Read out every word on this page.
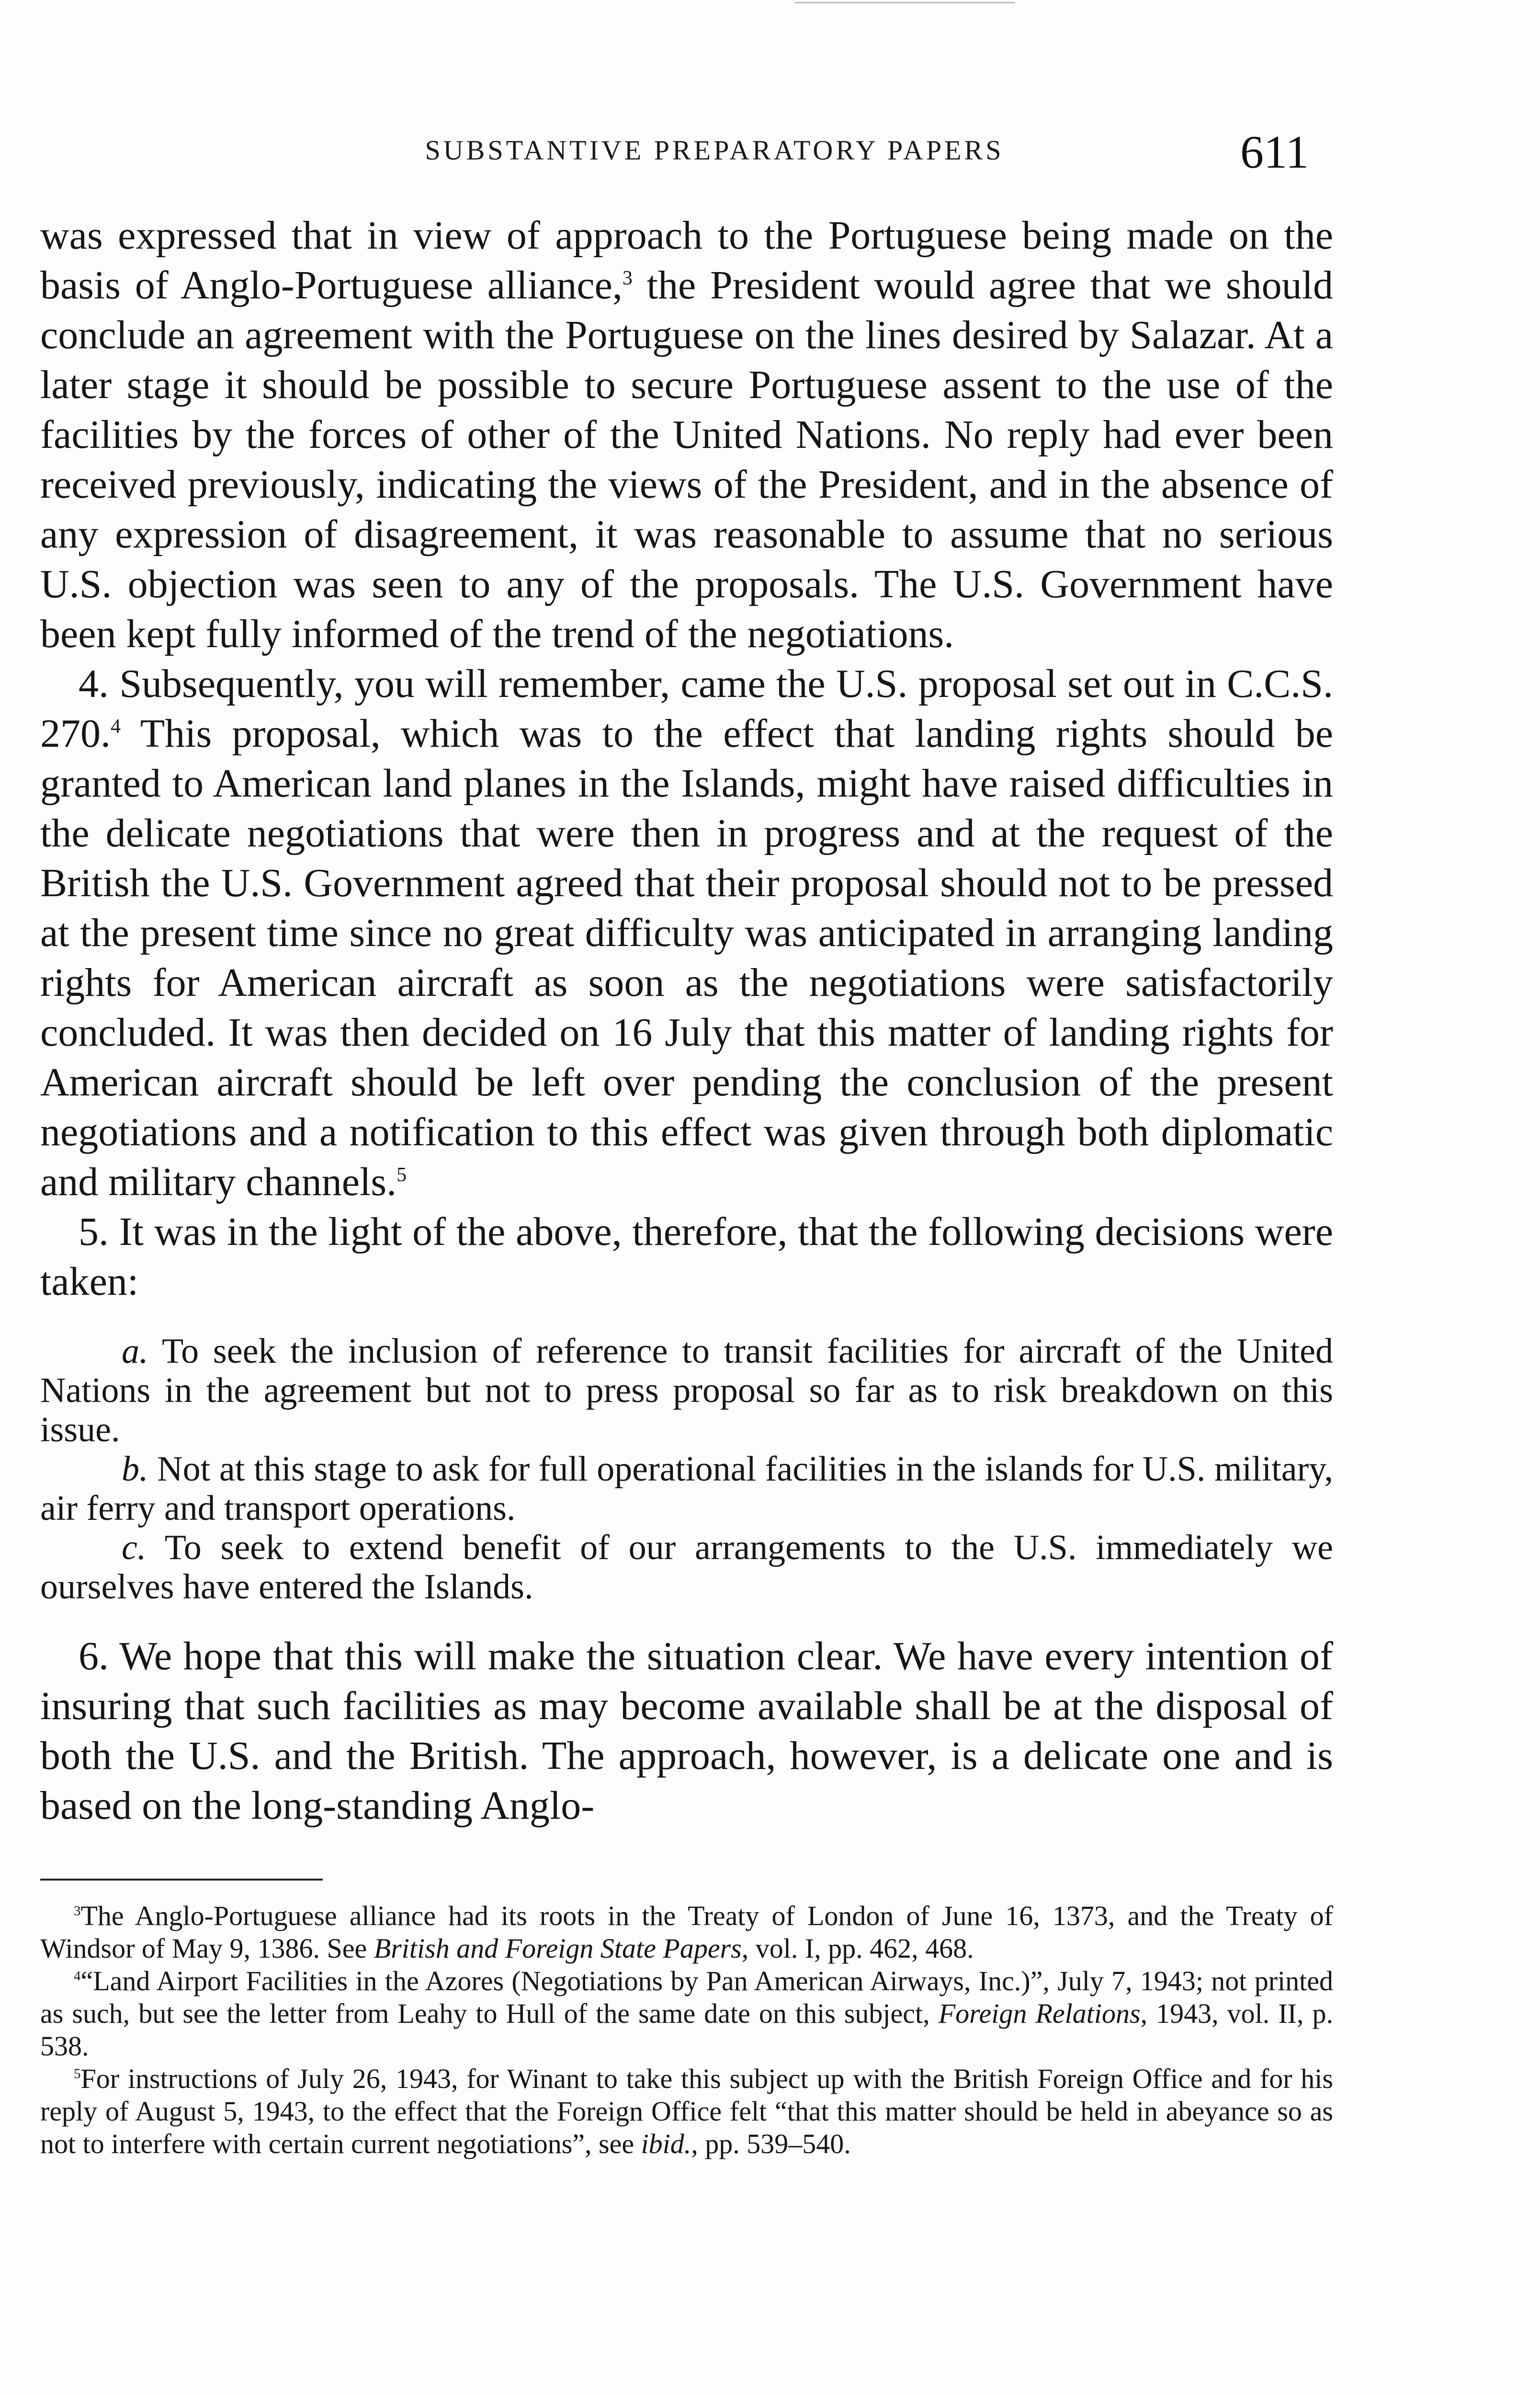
SUBSTANTIVE PREPARATORY PAPERS	611

was expressed that in view of approach to the Portuguese being made on the basis of Anglo-Portuguese alliance,$^3$ the President would agree that we should conclude an agreement with the Portuguese on the lines desired by Salazar. At a later stage it should be possible to secure Portuguese assent to the use of the facilities by the forces of other of the United Nations. No reply had ever been received previously, indicating the views of the President, and in the absence of any expression of disagreement, it was reasonable to assume that no serious U.S. objection was seen to any of the proposals. The U.S. Government have been kept fully informed of the trend of the negotiations.

4. Subsequently, you will remember, came the U.S. proposal set out in C.C.S. 270.$^4$ This proposal, which was to the effect that landing rights should be granted to American land planes in the Islands, might have raised difficulties in the delicate negotiations that were then in progress and at the request of the British the U.S. Government agreed that their proposal should not to be pressed at the present time since no great difficulty was anticipated in arranging landing rights for American aircraft as soon as the negotiations were satisfactorily concluded. It was then decided on 16 July that this matter of landing rights for American aircraft should be left over pending the conclusion of the present negotiations and a notification to this effect was given through both diplomatic and military channels.$^5$

5. It was in the light of the above, therefore, that the following decisions were taken:

a. To seek the inclusion of reference to transit facilities for aircraft of the United Nations in the agreement but not to press proposal so far as to risk breakdown on this issue.

b. Not at this stage to ask for full operational facilities in the islands for U.S. military, air ferry and transport operations.

c. To seek to extend benefit of our arrangements to the U.S. immediately we ourselves have entered the Islands.

6. We hope that this will make the situation clear. We have every intention of insuring that such facilities as may become available shall be at the disposal of both the U.S. and the British. The approach, however, is a delicate one and is based on the long-standing Anglo-

$^3$The Anglo-Portuguese alliance had its roots in the Treaty of London of June 16, 1373, and the Treaty of Windsor of May 9, 1386. See British and Foreign State Papers, vol. I, pp. 462, 468.

$^4$“Land Airport Facilities in the Azores (Negotiations by Pan American Airways, Inc.)”, July 7, 1943; not printed as such, but see the letter from Leahy to Hull of the same date on this subject, Foreign Relations, 1943, vol. II, p. 538.

$^5$For instructions of July 26, 1943, for Winant to take this subject up with the British Foreign Office and for his reply of August 5, 1943, to the effect that the Foreign Office felt “that this matter should be held in abeyance so as not to interfere with certain current negotiations”, see ibid., pp. 539–540.
